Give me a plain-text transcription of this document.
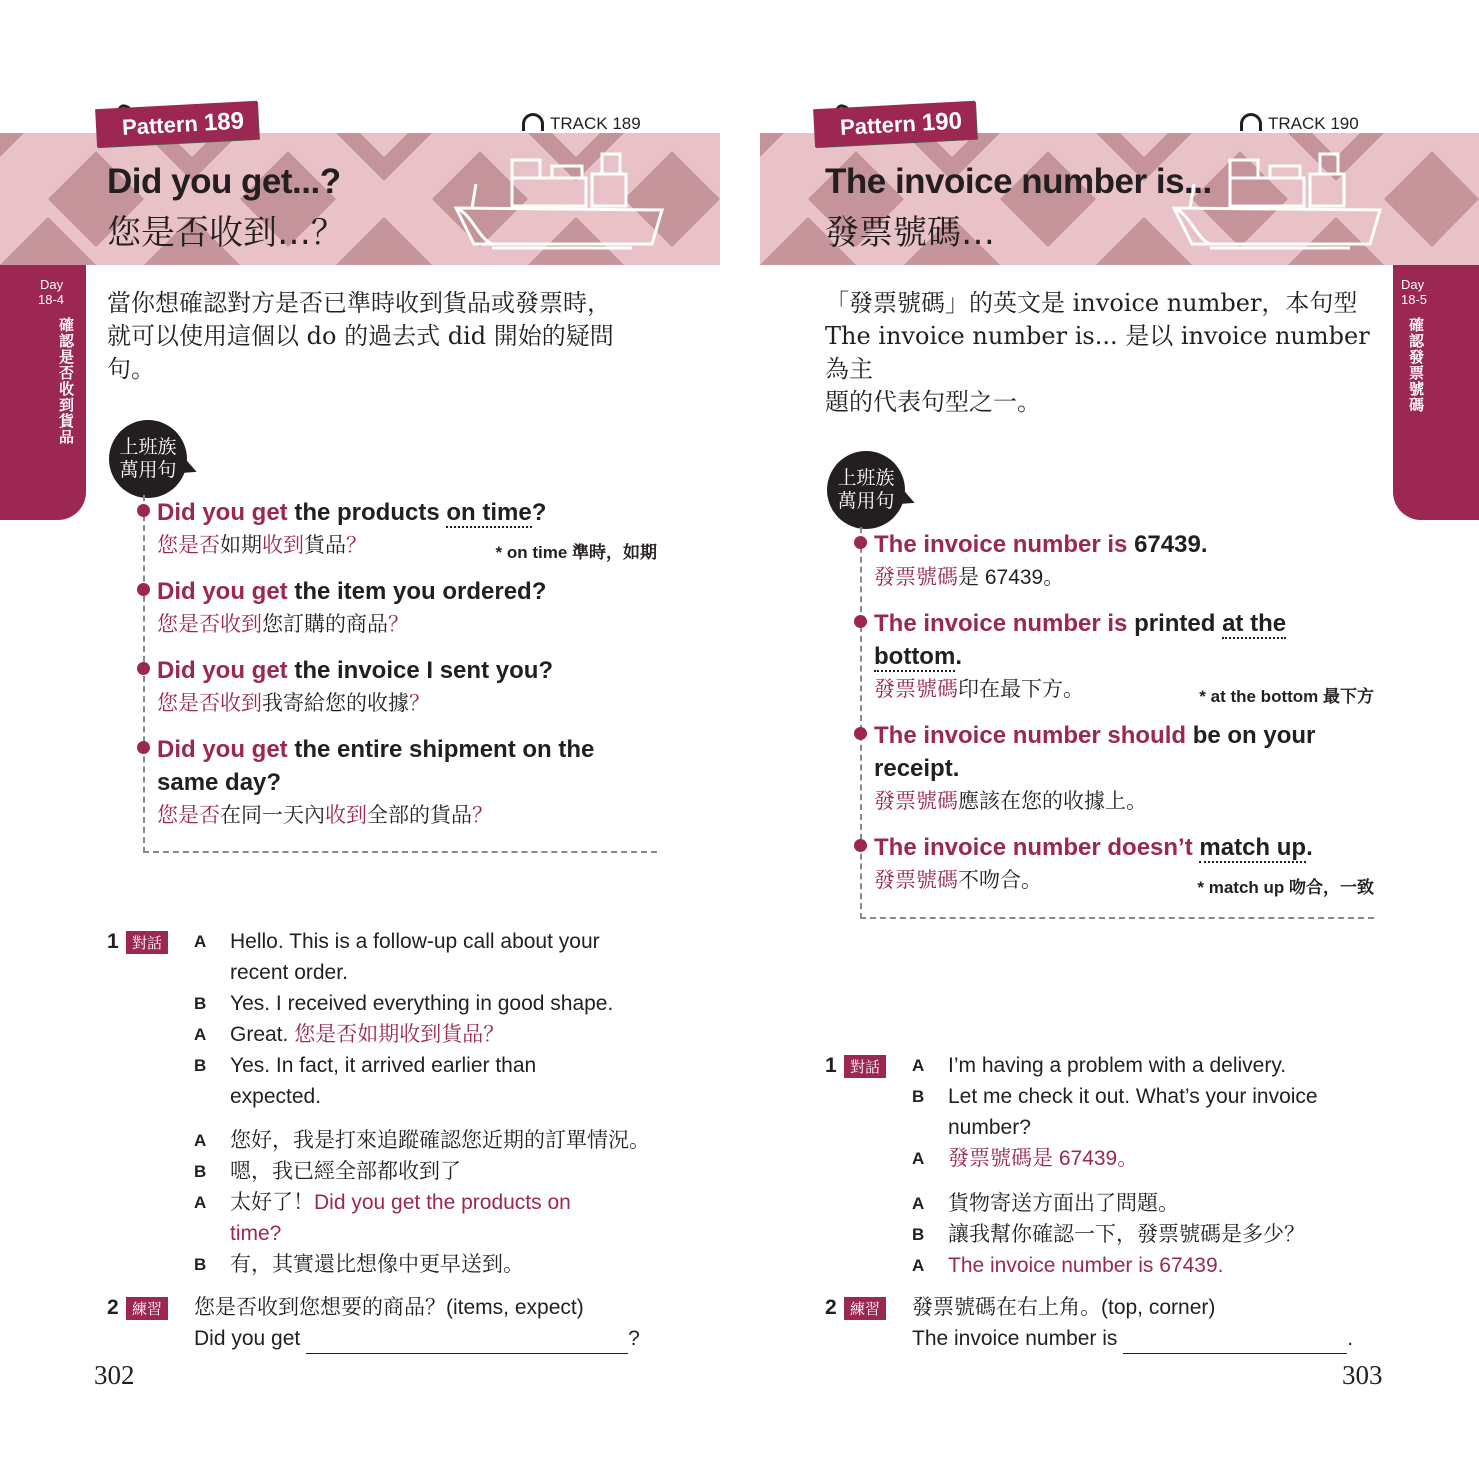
Pattern 189	TRACK 189
Did you get...?
您是否收到…？
Day
18-4
確認是否收到貨品
當你想確認對方是否已準時收到貨品或發票時，
就可以使用這個以 do 的過去式 did 開始的疑問
句。
上班族
萬用句
Did you get the products on time?
您是否如期收到貨品？	* on time 準時，如期
Did you get the item you ordered?
您是否收到您訂購的商品？
Did you get the invoice I sent you?
您是否收到我寄給您的收據？
Did you get the entire shipment on the
same day?
您是否在同一天內收到全部的貨品？
1 對話	A Hello. This is a follow-up call about your
recent order.
B Yes. I received everything in good shape.
A Great. 您是否如期收到貨品？
B Yes. In fact, it arrived earlier than
expected.
A 您好，我是打來追蹤確認您近期的訂單情況。
B 嗯，我已經全部都收到了
A 太好了！Did you get the products on
time?
B 有，其實還比想像中更早送到。
2 練習 您是否收到您想要的商品？(items, expect)
Did you get	?
302
Pattern 190	TRACK 190
The invoice number is...
發票號碼…
Day
18-5
確認發票號碼
「發票號碼」的英文是 invoice number，本句型
The invoice number is... 是以 invoice number 為主
題的代表句型之一。
上班族
萬用句
The invoice number is 67439.
發票號碼是 67439。
The invoice number is printed at the
bottom.
發票號碼印在最下方。	* at the bottom 最下方
The invoice number should be on your
receipt.
發票號碼應該在您的收據上。
The invoice number doesn’t match up.
發票號碼不吻合。	* match up 吻合，一致
1 對話	A I’m having a problem with a delivery.
B Let me check it out. What’s your invoice
number?
A 發票號碼是 67439。
A 貨物寄送方面出了問題。
B 讓我幫你確認一下，發票號碼是多少？
A The invoice number is 67439.
2 練習 發票號碼在右上角。(top, corner)
The invoice number is	.
303
